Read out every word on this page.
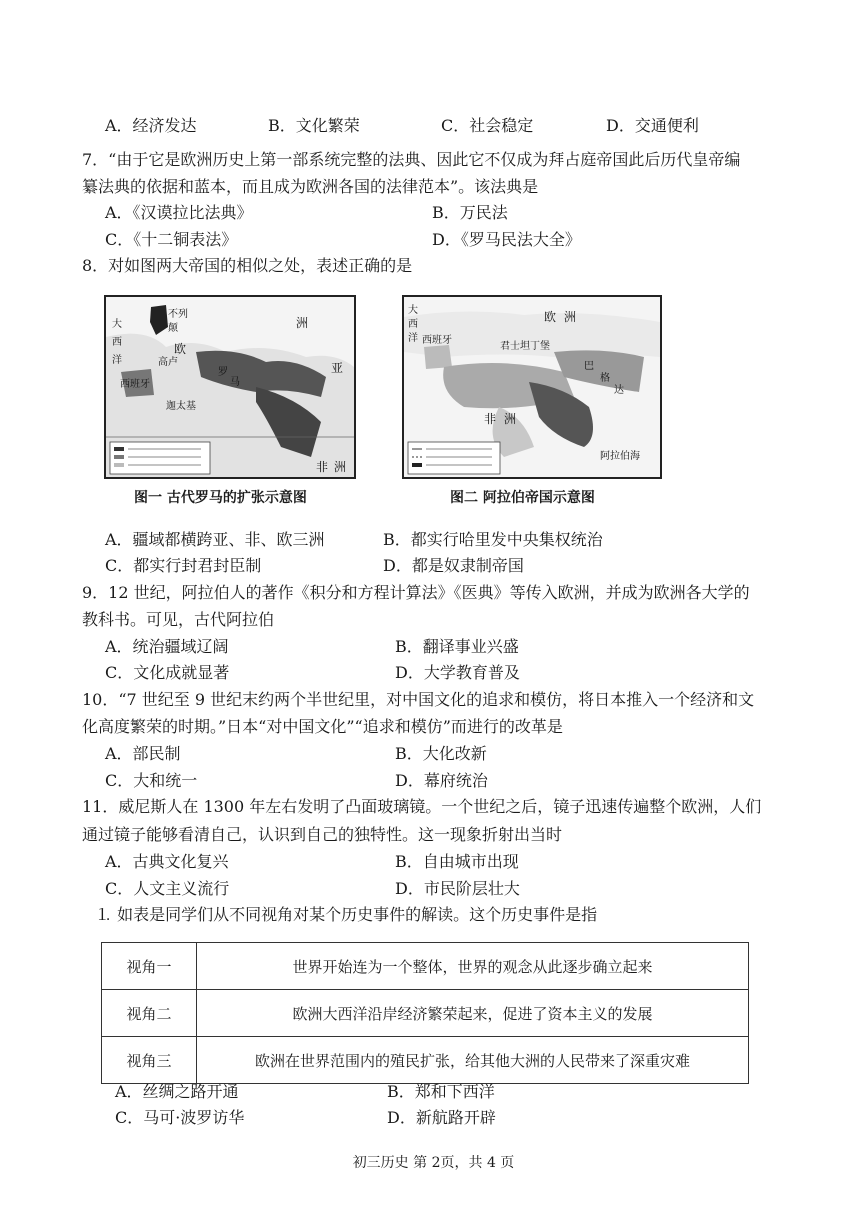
A．经济发达	B．文化繁荣	C．社会稳定	D．交通便利
7．“由于它是欧洲历史上第一部系统完整的法典、因此它不仅成为拜占庭帝国此后历代皇帝编
纂法典的依据和蓝本，而且成为欧洲各国的法律范本”。该法典是
A．《汉谟拉比法典》	B．万民法
C．《十二铜表法》	D．《罗马民法大全》
8．对如图两大帝国的相似之处，表述正确的是
大
西
洋
不列
颠
欧
高卢
洲
罗
马
亚
西班牙
迦太基
非 洲
图一 古代罗马的扩张示意图
大
西
洋
欧 洲
西班牙
君士坦丁堡
非 洲
巴
格
达
阿拉伯海
图二 阿拉伯帝国示意图
A．疆域都横跨亚、非、欧三洲	B．都实行哈里发中央集权统治
C．都实行封君封臣制	D．都是奴隶制帝国
9．12 世纪，阿拉伯人的著作《积分和方程计算法》《医典》等传入欧洲，并成为欧洲各大学的
教科书。可见，古代阿拉伯
A．统治疆域辽阔	B．翻译事业兴盛
C．文化成就显著	D．大学教育普及
10．“7 世纪至 9 世纪末约两个半世纪里，对中国文化的追求和模仿，将日本推入一个经济和文
化高度繁荣的时期。”日本“对中国文化”“追求和模仿”而进行的改革是
A．部民制	B．大化改新
C．大和统一	D．幕府统治
11．威尼斯人在 1300 年左右发明了凸面玻璃镜。一个世纪之后，镜子迅速传遍整个欧洲，人们
通过镜子能够看清自己，认识到自己的独特性。这一现象折射出当时
A．古典文化复兴	B．自由城市出现
C．人文主义流行	D．市民阶层壮大
⒈ 如表是同学们从不同视角对某个历史事件的解读。这个历史事件是指
视角一	世界开始连为一个整体，世界的观念从此逐步确立起来
视角二	欧洲大西洋沿岸经济繁荣起来，促进了资本主义的发展
视角三	欧洲在世界范围内的殖民扩张，给其他大洲的人民带来了深重灾难
A．丝绸之路开通	B．郑和下西洋
C．马可·波罗访华	D．新航路开辟
初三历史 第 2页，共 4 页
